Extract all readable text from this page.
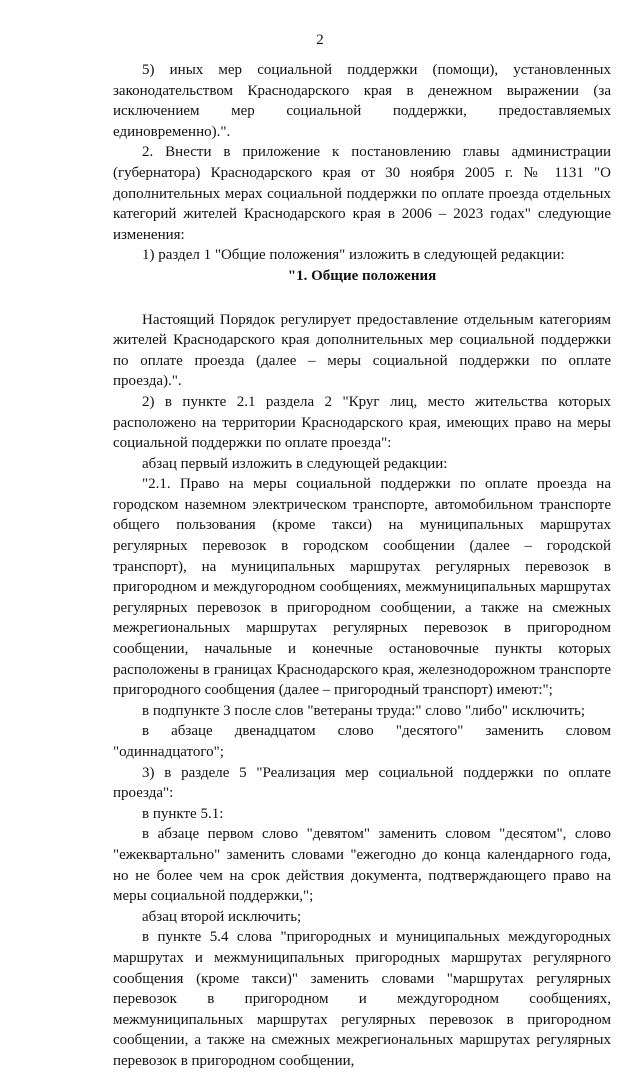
2

5) иных мер социальной поддержки (помощи), установленных законодательством Краснодарского края в денежном выражении (за исключением мер социальной поддержки, предоставляемых единовременно).".

2. Внести в приложение к постановлению главы администрации (губернатора) Краснодарского края от 30 ноября 2005 г. № 1131 "О дополнительных мерах социальной поддержки по оплате проезда отдельных категорий жителей Краснодарского края в 2006 – 2023 годах" следующие изменения:

1) раздел 1 "Общие положения" изложить в следующей редакции:

"1. Общие положения

Настоящий Порядок регулирует предоставление отдельным категориям жителей Краснодарского края дополнительных мер социальной поддержки по оплате проезда (далее – меры социальной поддержки по оплате проезда).".

2) в пункте 2.1 раздела 2 "Круг лиц, место жительства которых расположено на территории Краснодарского края, имеющих право на меры социальной поддержки по оплате проезда":

абзац первый изложить в следующей редакции:

"2.1. Право на меры социальной поддержки по оплате проезда на городском наземном электрическом транспорте, автомобильном транспорте общего пользования (кроме такси) на муниципальных маршрутах регулярных перевозок в городском сообщении (далее – городской транспорт), на муниципальных маршрутах регулярных перевозок в пригородном и междугородном сообщениях, межмуниципальных маршрутах регулярных перевозок в пригородном сообщении, а также на смежных межрегиональных маршрутах регулярных перевозок в пригородном сообщении, начальные и конечные остановочные пункты которых расположены в границах Краснодарского края, железнодорожном транспорте пригородного сообщения (далее – пригородный транспорт) имеют:";

в подпункте 3 после слов "ветераны труда:" слово "либо" исключить;

в абзаце двенадцатом слово "десятого" заменить словом "одиннадцатого";

3) в разделе 5 "Реализация мер социальной поддержки по оплате проезда":

в пункте 5.1:

в абзаце первом слово "девятом" заменить словом "десятом", слово "ежеквартально" заменить словами "ежегодно до конца календарного года, но не более чем на срок действия документа, подтверждающего право на меры социальной поддержки,";

абзац второй исключить;

в пункте 5.4 слова "пригородных и муниципальных междугородных маршрутах и межмуниципальных пригородных маршрутах регулярного сообщения (кроме такси)" заменить словами "маршрутах регулярных перевозок в пригородном и междугородном сообщениях, межмуниципальных маршрутах регулярных перевозок в пригородном сообщении, а также на смежных межрегиональных маршрутах регулярных перевозок в пригородном сообщении,
